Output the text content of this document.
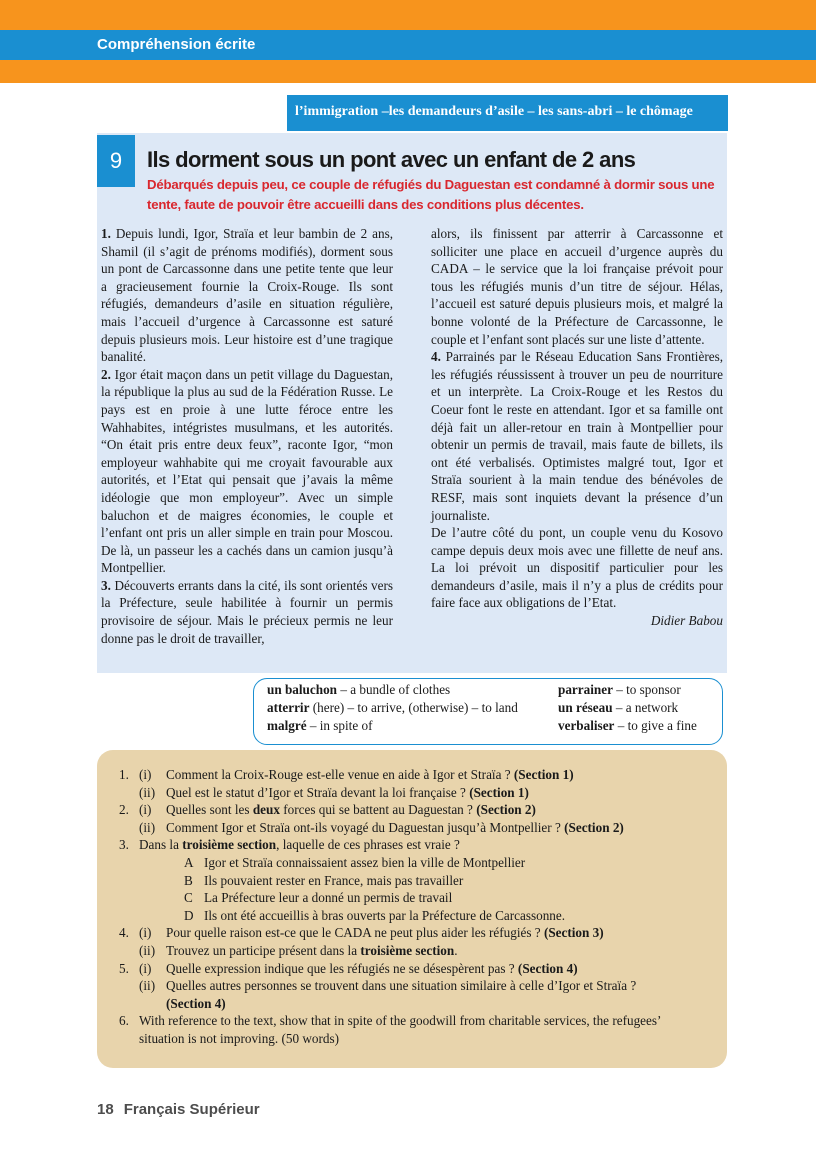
Compréhension écrite
l’immigration –les demandeurs d’asile – les sans-abri – le chômage
9	Ils dorment sous un pont avec un enfant de 2 ans
Débarqués depuis peu, ce couple de réfugiés du Daguestan est condamné à dormir sous une tente, faute de pouvoir être accueilli dans des conditions plus décentes.

1. Depuis lundi, Igor, Straïa et leur bambin de 2 ans, Shamil (il s’agit de prénoms modifiés), dorment sous un pont de Carcassonne dans une petite tente que leur a gracieusement fournie la Croix-Rouge. Ils sont réfugiés, demandeurs d’asile en situation régulière, mais l’accueil d’urgence à Carcassonne est saturé depuis plusieurs mois. Leur histoire est d’une tragique banalité.

2. Igor était maçon dans un petit village du Daguestan, la république la plus au sud de la Fédération Russe. Le pays est en proie à une lutte féroce entre les Wahhabites, intégristes musulmans, et les autorités. “On était pris entre deux feux”, raconte Igor, “mon employeur wahhabite qui me croyait favourable aux autorités, et l’Etat qui pensait que j’avais la même idéologie que mon employeur”. Avec un simple baluchon et de maigres économies, le couple et l’enfant ont pris un aller simple en train pour Moscou. De là, un passeur les a cachés dans un camion jusqu’à Montpellier.

3. Découverts errants dans la cité, ils sont orientés vers la Préfecture, seule habilitée à fournir un permis provisoire de séjour. Mais le précieux permis ne leur donne pas le droit de travailler,

alors, ils finissent par atterrir à Carcassonne et solliciter une place en accueil d’urgence auprès du CADA – le service que la loi française prévoit pour tous les réfugiés munis d’un titre de séjour. Hélas, l’accueil est saturé depuis plusieurs mois, et malgré la bonne volonté de la Préfecture de Carcassonne, le couple et l’enfant sont placés sur une liste d’attente.

4. Parrainés par le Réseau Education Sans Frontières, les réfugiés réussissent à trouver un peu de nourriture et un interprète. La Croix-Rouge et les Restos du Coeur font le reste en attendant. Igor et sa famille ont déjà fait un aller-retour en train à Montpellier pour obtenir un permis de travail, mais faute de billets, ils ont été verbalisés. Optimistes malgré tout, Igor et Straïa sourient à la main tendue des bénévoles de RESF, mais sont inquiets devant la présence d’un journaliste.

De l’autre côté du pont, un couple venu du Kosovo campe depuis deux mois avec une fillette de neuf ans. La loi prévoit un dispositif particulier pour les demandeurs d’asile, mais il n’y a plus de crédits pour faire face aux obligations de l’Etat.

Didier Babou

un baluchon – a bundle of clothes
atterrir (here) – to arrive, (otherwise) – to land
malgré – in spite of
parrainer – to sponsor
un réseau – a network
verbaliser – to give a fine
1. (i) Comment la Croix-Rouge est-elle venue en aide à Igor et Straïa ? (Section 1)
(ii) Quel est le statut d’Igor et Straïa devant la loi française ? (Section 1)
2. (i) Quelles sont les deux forces qui se battent au Daguestan ? (Section 2)
(ii) Comment Igor et Straïa ont-ils voyagé du Daguestan jusqu’à Montpellier ? (Section 2)
3. Dans la troisième section, laquelle de ces phrases est vraie ?
A Igor et Straïa connaissaient assez bien la ville de Montpellier
B Ils pouvaient rester en France, mais pas travailler
C La Préfecture leur a donné un permis de travail
D Ils ont été accueillis à bras ouverts par la Préfecture de Carcassonne.
4. (i) Pour quelle raison est-ce que le CADA ne peut plus aider les réfugiés ? (Section 3)
(ii) Trouvez un participe présent dans la troisième section.
5. (i) Quelle expression indique que les réfugiés ne se désespèrent pas ? (Section 4)
(ii) Quelles autres personnes se trouvent dans une situation similaire à celle d’Igor et Straïa ?
(Section 4)
6. With reference to the text, show that in spite of the goodwill from charitable services, the refugees’
situation is not improving. (50 words)
18 Français Supérieur
